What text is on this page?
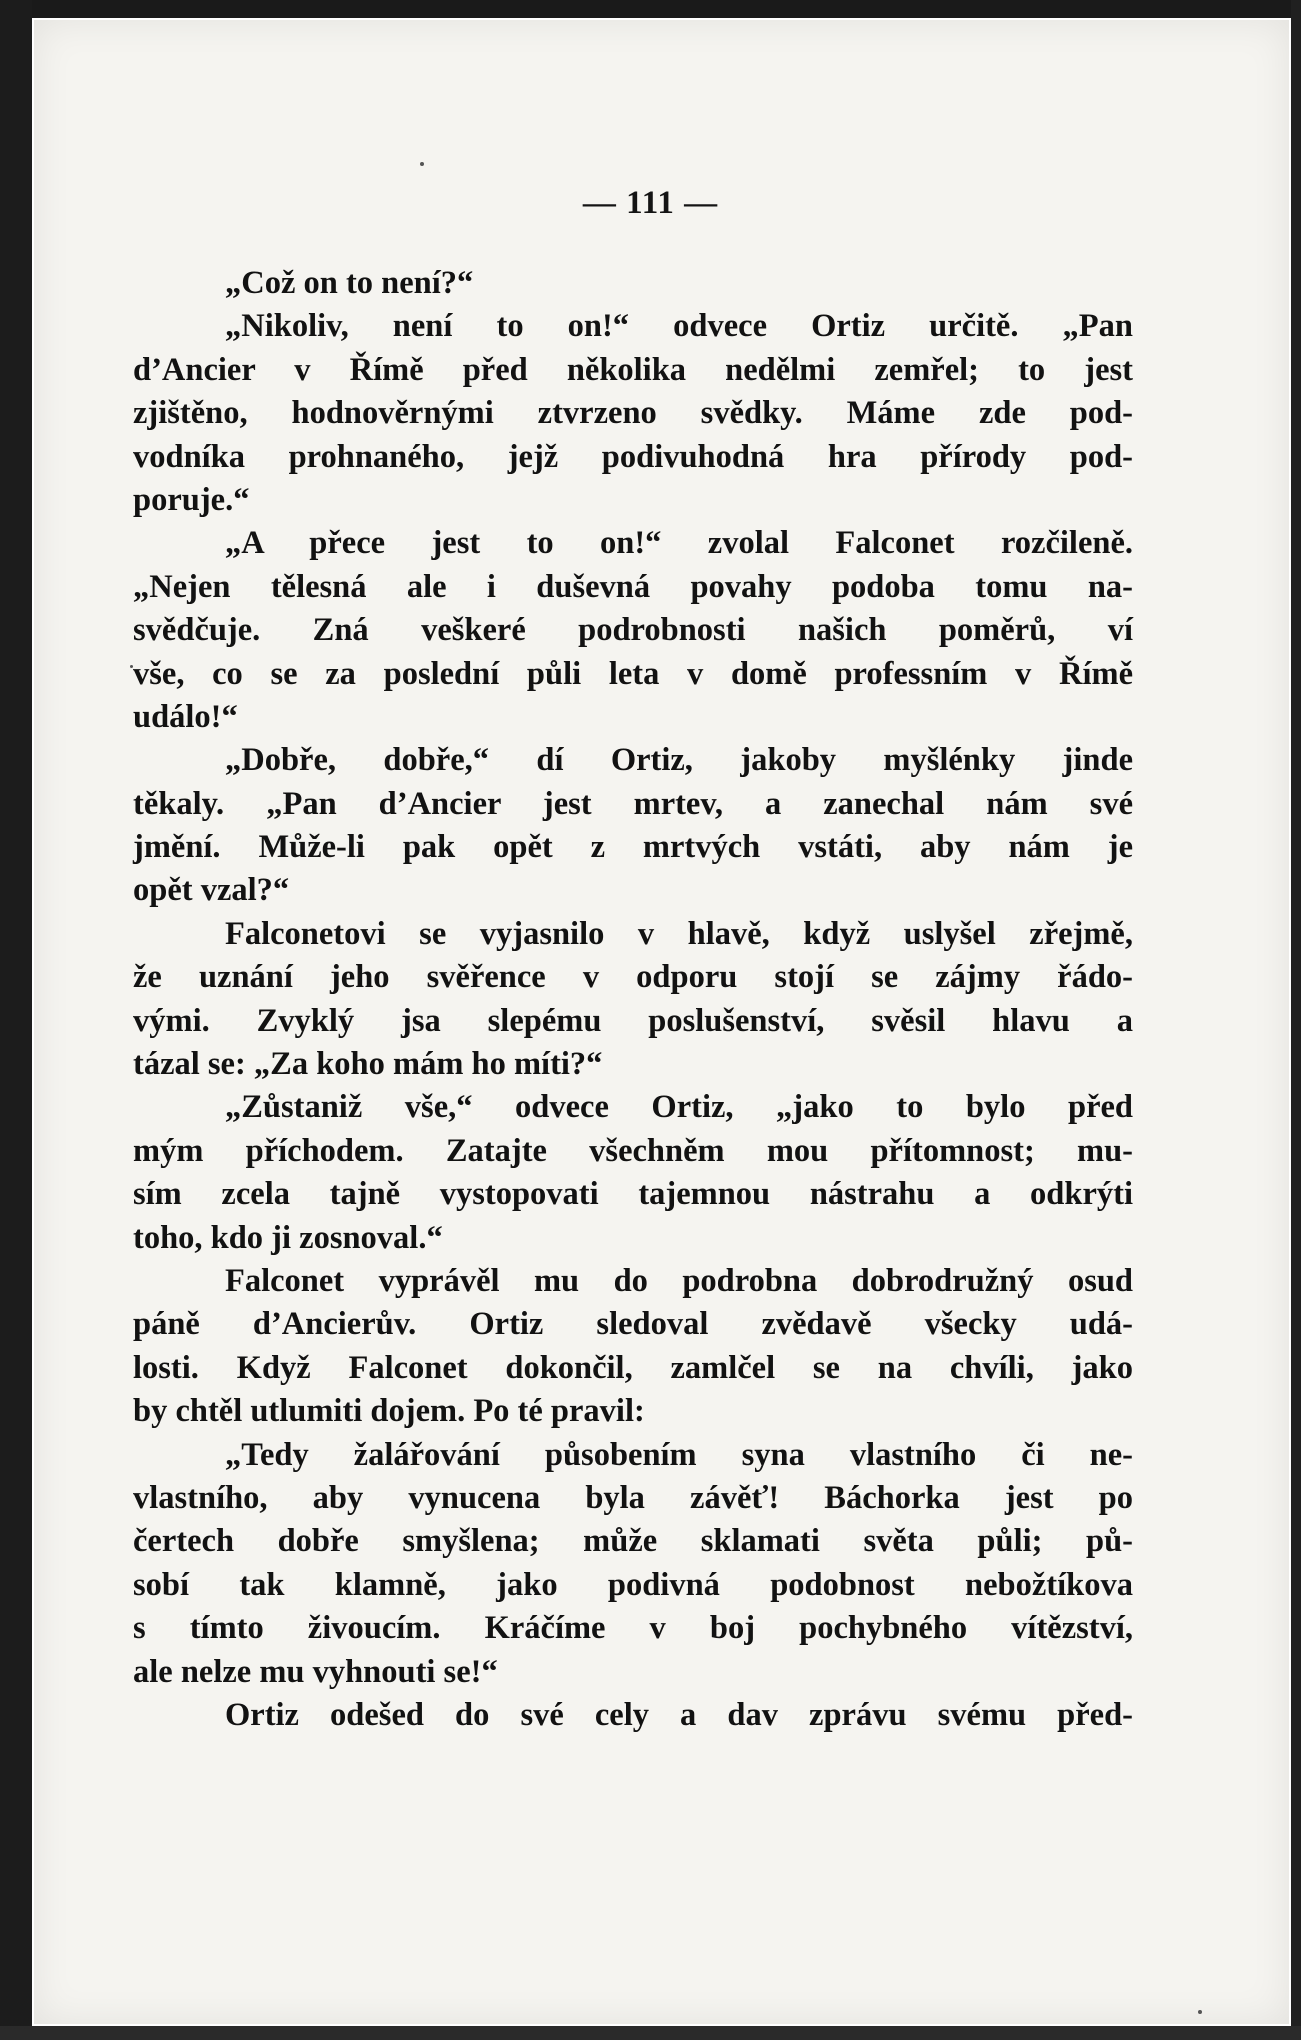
— 111 —
„Což on to není?“
„Nikoliv, není to on!“ odvece Ortiz určitě. „Pan
d’Ancier v Římě před několika nedělmi zemřel; to jest
zjištěno, hodnověrnými ztvrzeno svědky. Máme zde pod-
vodníka prohnaného, jejž podivuhodná hra přírody pod-
poruje.“
„A přece jest to on!“ zvolal Falconet rozčileně.
„Nejen tělesná ale i duševná povahy podoba tomu na-
svědčuje. Zná veškeré podrobnosti našich poměrů, ví
vše, co se za poslední půli leta v domě professním v Římě
událo!“
„Dobře, dobře,“ dí Ortiz, jakoby myšlénky jinde
těkaly. „Pan d’Ancier jest mrtev, a zanechal nám své
jmění. Může-li pak opět z mrtvých vstáti, aby nám je
opět vzal?“
Falconetovi se vyjasnilo v hlavě, když uslyšel zřejmě,
že uznání jeho svěřence v odporu stojí se zájmy řádo-
vými. Zvyklý jsa slepému poslušenství, svěsil hlavu a
tázal se: „Za koho mám ho míti?“
„Zůstaniž vše,“ odvece Ortiz, „jako to bylo před
mým příchodem. Zatajte všechněm mou přítomnost; mu-
sím zcela tajně vystopovati tajemnou nástrahu a odkrýti
toho, kdo ji zosnoval.“
Falconet vyprávěl mu do podrobna dobrodružný osud
páně d’Ancierův. Ortiz sledoval zvědavě všecky udá-
losti. Když Falconet dokončil, zamlčel se na chvíli, jako
by chtěl utlumiti dojem. Po té pravil:
„Tedy žalářování působením syna vlastního či ne-
vlastního, aby vynucena byla závěť! Báchorka jest po
čertech dobře smyšlena; může sklamati světa půli; pů-
sobí tak klamně, jako podivná podobnost nebožtíkova
s tímto živoucím. Kráčíme v boj pochybného vítězství,
ale nelze mu vyhnouti se!“
Ortiz odešed do své cely a dav zprávu svému před-
